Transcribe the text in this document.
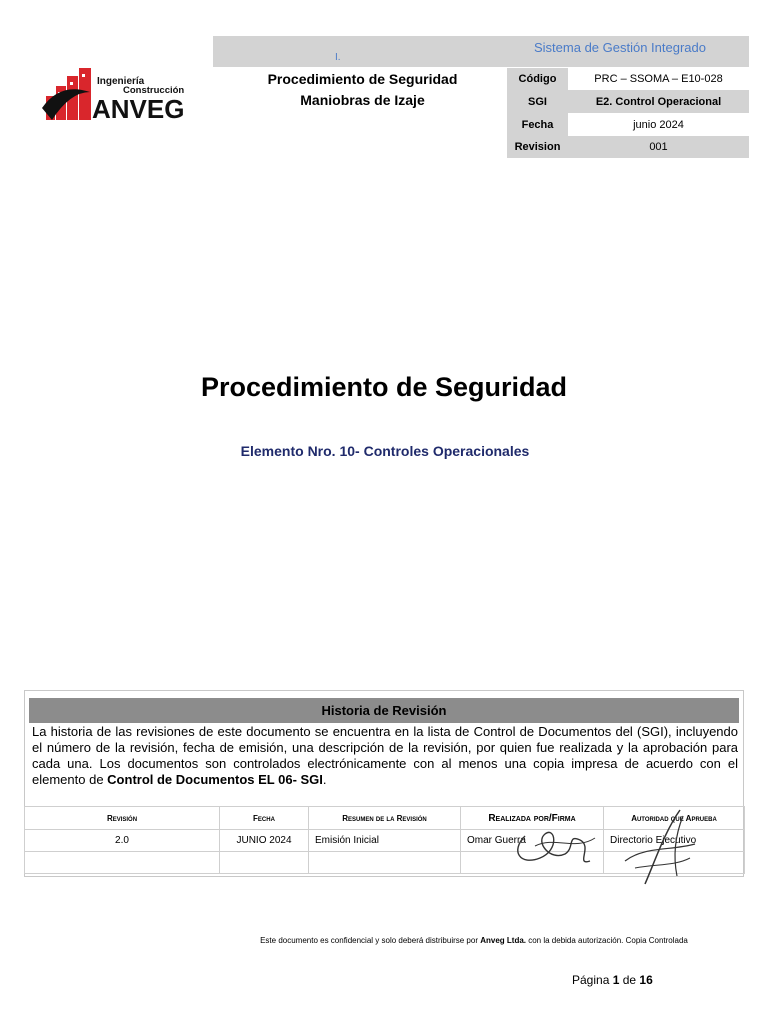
Ingeniería
Construcción
ANVEG
I.
Sistema de Gestión Integrado
Procedimiento de Seguridad
Maniobras de Izaje
Código	PRC – SSOMA – E10-028
SGI	E2. Control Operacional
Fecha	junio 2024
Revision	001
Procedimiento de Seguridad
Elemento Nro. 10- Controles Operacionales
Historia de Revisión
La historia de las revisiones de este documento se encuentra en la lista de Control de Documentos del (SGI), incluyendo el número de la revisión, fecha de emisión, una descripción de la revisión, por quien fue realizada y la aprobación para cada una. Los documentos son controlados electrónicamente con al menos una copia impresa de acuerdo con el elemento de Control de Documentos EL 06- SGI.
Revisión	Fecha	Resumen de la Revisión	Realizada por/Firma	Autoridad que Aprueba
2.0	JUNIO 2024	Emisión Inicial	Omar Guerra	Directorio Ejecutivo

Este documento es confidencial y solo deberá distribuirse por Anveg Ltda. con la debida autorización. Copia Controlada
Página 1 de 16
